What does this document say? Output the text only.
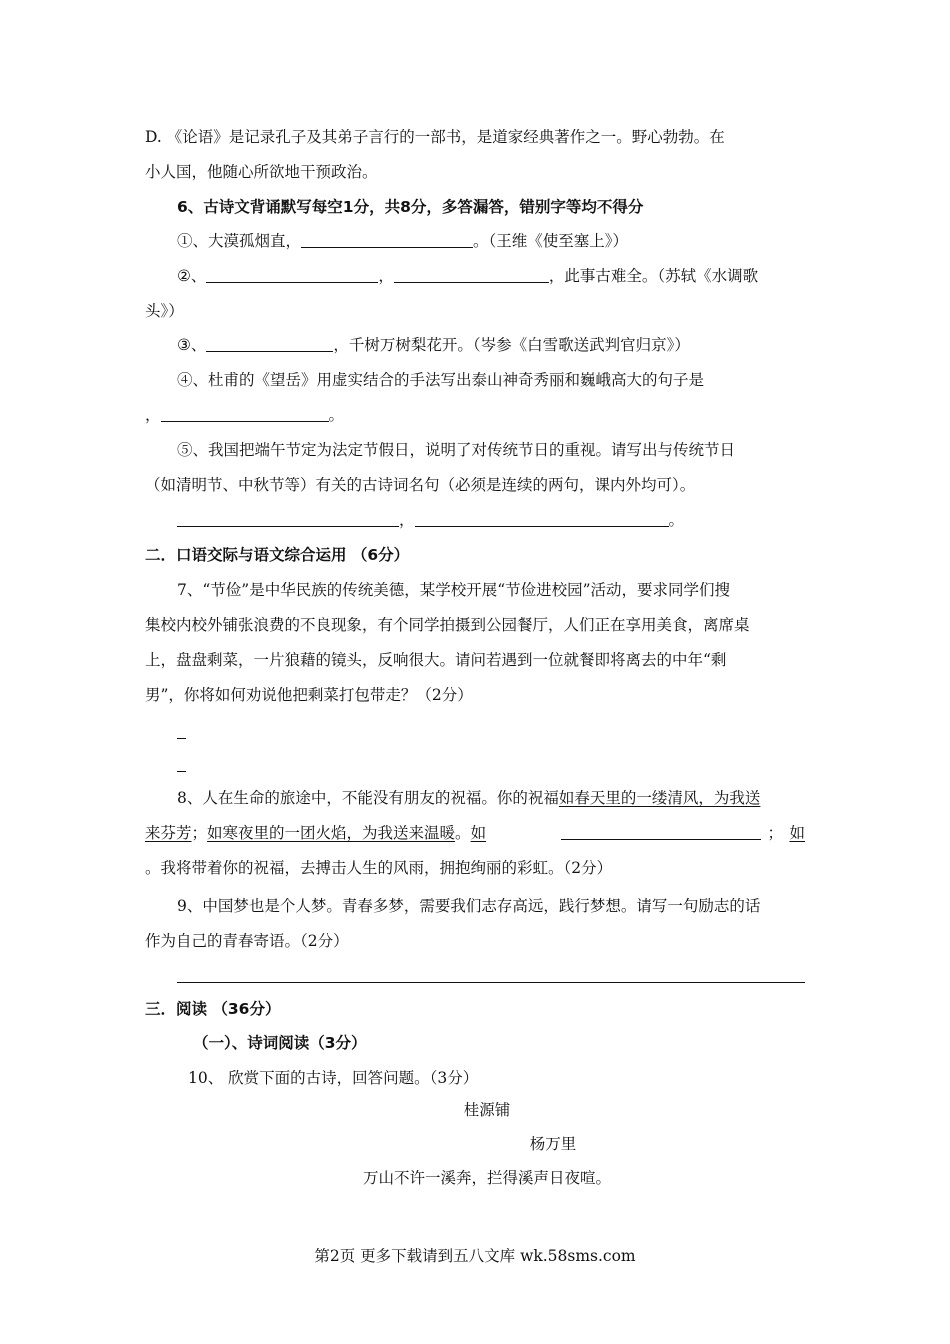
D. 《论语》是记录孔子及其弟子言行的一部书，是道家经典著作之一。野心勃勃。在
小人国，他随心所欲地干预政治。
6、古诗文背诵默写每空1分，共8分，多答漏答，错别字等均不得分
①、大漠孤烟直，	。（王维《使至塞上》）
②、	，	，此事古难全。（苏轼《水调歌
头》）
③、	，千树万树梨花开。（岑参《白雪歌送武判官归京》）
④、杜甫的《望岳》用虚实结合的手法写出泰山神奇秀丽和巍峨高大的句子是
，	。
⑤、我国把端午节定为法定节假日，说明了对传统节日的重视。请写出与传统节日
（如清明节、中秋节等）有关的古诗词名句（必须是连续的两句，课内外均可）。
，	。
二．口语交际与语文综合运用 （6分）
7、“节俭”是中华民族的传统美德，某学校开展“节俭进校园”活动，要求同学们搜
集校内校外铺张浪费的不良现象，有个同学拍摄到公园餐厅，人们正在享用美食，离席桌
上，盘盘剩菜，一片狼藉的镜头，反响很大。请问若遇到一位就餐即将离去的中年“剩
男”，你将如何劝说他把剩菜打包带走？（2分）
8、人在生命的旅途中，不能没有朋友的祝福。你的祝福如春天里的一缕清风，为我送
来芬芳；如寒夜里的一团火焰，为我送来温暖。如	； 如
。我将带着你的祝福，去搏击人生的风雨，拥抱绚丽的彩虹。（2分）
9、中国梦也是个人梦。青春多梦，需要我们志存高远，践行梦想。请写一句励志的话
作为自己的青春寄语。（2分）
三．阅读 （36分）
（一）、诗词阅读（3分）
10、 欣赏下面的古诗，回答问题。（3分）
桂源铺
杨万里
万山不许一溪奔，拦得溪声日夜喧。
第2页 更多下载请到五八文库 wk.58sms.com
